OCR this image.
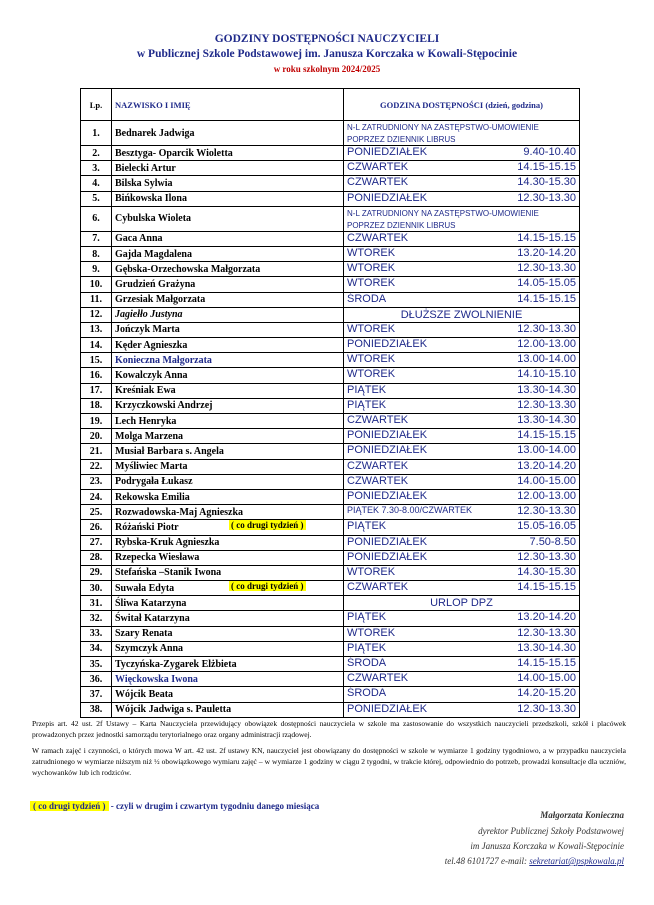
GODZINY DOSTĘPNOŚCI NAUCZYCIELI
w Publicznej Szkole Podstawowej im. Janusza Korczaka w Kowali-Stępocinie
w roku szkolnym 2024/2025
Lp.	NAZWISKO I IMIĘ	GODZINA DOSTĘPNOŚCI (dzień, godzina)
1.	Bednarek Jadwiga	N-L ZATRUDNIONY NA ZASTĘPSTWO-UMOWIENIE POPRZEZ DZIENNIK LIBRUS
2.	Besztyga- Oparcik Wioletta	PONIEDZIAŁEK 9.40-10.40

3.	Bielecki Artur	CZWARTEK 14.15-15.15

4.	Bilska Sylwia	CZWARTEK 14.30-15.30

5.	Bińkowska Ilona	PONIEDZIAŁEK 12.30-13.30

6.	Cybulska Wioleta	N-L ZATRUDNIONY NA ZASTĘPSTWO-UMOWIENIE POPRZEZ DZIENNIK LIBRUS
7.	Gaca Anna	CZWARTEK 14.15-15.15

8.	Gajda Magdalena	WTOREK 13.20-14.20

9.	Gębska-Orzechowska Małgorzata	WTOREK 12.30-13.30

10.	Grudzień Grażyna	WTOREK 14.05-15.05

11.	Grzesiak Małgorzata	ŚRODA 14.15-15.15

12.	Jagiełło Justyna	DŁUŻSZE ZWOLNIENIE

13.	Jończyk Marta	WTOREK 12.30-13.30

14.	Kęder Agnieszka	PONIEDZIAŁEK 12.00-13.00

15.	Konieczna Małgorzata	WTOREK 13.00-14.00

16.	Kowalczyk Anna	WTOREK 14.10-15.10

17.	Kreśniak Ewa	PIĄTEK 13.30-14.30

18.	Krzyczkowski Andrzej	PIĄTEK 12.30-13.30

19.	Lech Henryka	CZWARTEK 13.30-14.30

20.	Molga Marzena	PONIEDZIAŁEK 14.15-15.15

21.	Musiał Barbara s. Angela	PONIEDZIAŁEK 13.00-14.00

22.	Myśliwiec Marta	CZWARTEK 13.20-14.20

23.	Podrygała Łukasz	CZWARTEK 14.00-15.00

24.	Rekowska Emilia	PONIEDZIAŁEK 12.00-13.00

25.	Rozwadowska-Maj Agnieszka	PIĄTEK 7.30-8.00/CZWARTEK 12.30-13.30

26.	Różański Piotr ( co drugi tydzień )	PIĄTEK 15.05-16.05

27.	Rybska-Kruk Agnieszka	PONIEDZIAŁEK 7.50-8.50

28.	Rzepecka Wiesława	PONIEDZIAŁEK 12.30-13.30

29.	Stefańska –Stanik Iwona	WTOREK 14.30-15.30

30.	Suwała Edyta ( co drugi tydzień )	CZWARTEK 14.15-15.15

31.	Śliwa Katarzyna	URLOP DPZ

32.	Świtał Katarzyna	PIĄTEK 13.20-14.20

33.	Szary Renata	WTOREK 12.30-13.30

34.	Szymczyk Anna	PIĄTEK 13.30-14.30

35.	Tyczyńska-Zygarek Elżbieta	ŚRODA 14.15-15.15

36.	Więckowska Iwona	CZWARTEK 14.00-15.00

37.	Wójcik Beata	ŚRODA 14.20-15.20

38.	Wójcik Jadwiga s. Pauletta	PONIEDZIAŁEK 12.30-13.30
Przepis art. 42 ust. 2f Ustawy – Karta Nauczyciela przewidujący obowiązek dostępności nauczyciela w szkole ma zastosowanie do wszystkich nauczycieli przedszkoli, szkół i placówek prowadzonych przez jednostki samorządu terytorialnego oraz organy administracji rządowej.
W ramach zajęć i czynności, o których mowa W art. 42 ust. 2f ustawy KN, nauczyciel jest obowiązany do dostępności w szkole w wymiarze 1 godziny tygodniowo, a w przypadku nauczyciela zatrudnionego w wymiarze niższym niż ½ obowiązkowego wymiaru zajęć – w wymiarze 1 godziny w ciągu 2 tygodni, w trakcie której, odpowiednio do potrzeb, prowadzi konsultacje dla uczniów, wychowanków lub ich rodziców.
( co drugi tydzień ) - czyli w drugim i czwartym tygodniu danego miesiąca
Małgorzata Konieczna
dyrektor Publicznej Szkoły Podstawowej
im Janusza Korczaka w Kowali-Stępocinie
tel.48 6101727 e-mail: sekretariat@pspkowala.pl
